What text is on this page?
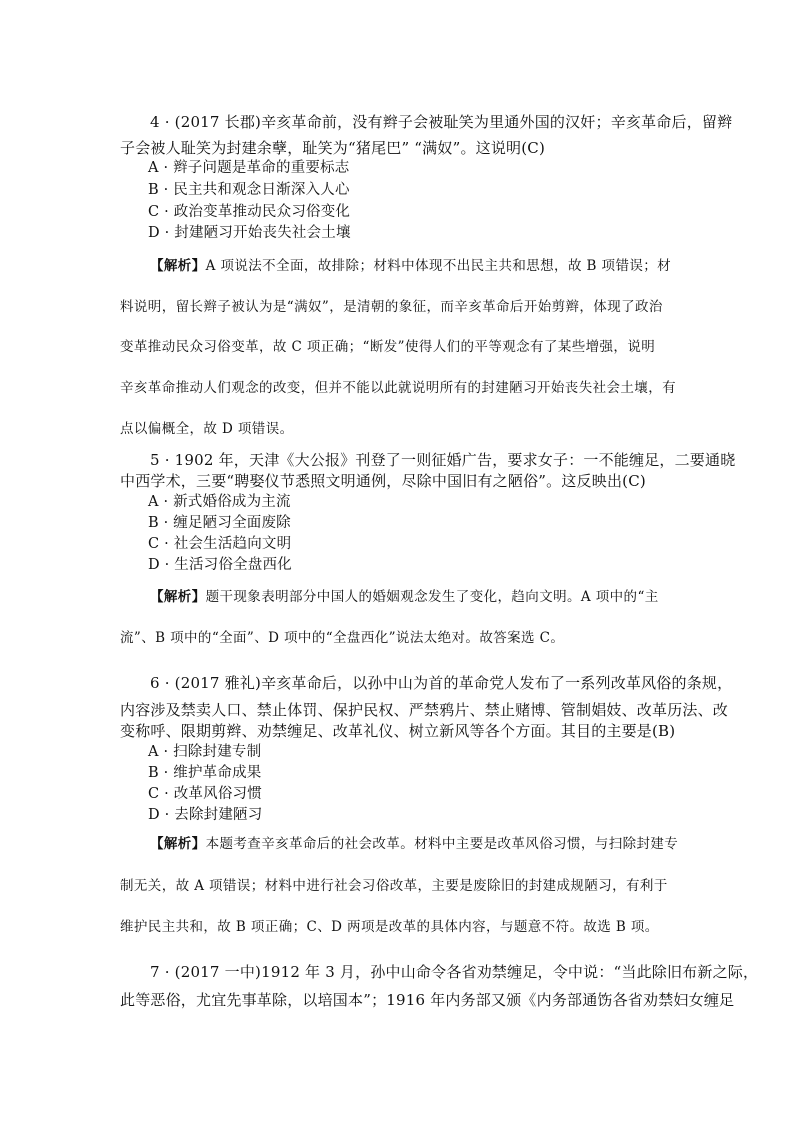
4 · (2017 长郡)辛亥革命前，没有辫子会被耻笑为里通外国的汉奸；辛亥革命后，留辫
子会被人耻笑为封建余孽，耻笑为“猪尾巴” “满奴”。这说明(C)
A · 辫子问题是革命的重要标志
B · 民主共和观念日渐深入人心
C · 政治变革推动民众习俗变化
D · 封建陋习开始丧失社会土壤
【解析】A 项说法不全面，故排除；材料中体现不出民主共和思想，故 B 项错误；材
料说明，留长辫子被认为是“满奴”，是清朝的象征，而辛亥革命后开始剪辫，体现了政治
变革推动民众习俗变革，故 C 项正确；“断发”使得人们的平等观念有了某些增强，说明
辛亥革命推动人们观念的改变，但并不能以此就说明所有的封建陋习开始丧失社会土壤，有
点以偏概全，故 D 项错误。
5 · 1902 年，天津《大公报》刊登了一则征婚广告，要求女子：一不能缠足，二要通晓
中西学术，三要“聘娶仪节悉照文明通例，尽除中国旧有之陋俗”。这反映出(C)
A · 新式婚俗成为主流
B · 缠足陋习全面废除
C · 社会生活趋向文明
D · 生活习俗全盘西化
【解析】题干现象表明部分中国人的婚姻观念发生了变化，趋向文明。A 项中的“主
流”、B 项中的“全面”、D 项中的“全盘西化”说法太绝对。故答案选 C。
6 · (2017 雅礼)辛亥革命后，以孙中山为首的革命党人发布了一系列改革风俗的条规，
内容涉及禁卖人口、禁止体罚、保护民权、严禁鸦片、禁止赌博、管制娼妓、改革历法、改
变称呼、限期剪辫、劝禁缠足、改革礼仪、树立新风等各个方面。其目的主要是(B)
A · 扫除封建专制
B · 维护革命成果
C · 改革风俗习惯
D · 去除封建陋习
【解析】本题考查辛亥革命后的社会改革。材料中主要是改革风俗习惯，与扫除封建专
制无关，故 A 项错误；材料中进行社会习俗改革，主要是废除旧的封建成规陋习，有利于
维护民主共和，故 B 项正确；C、D 两项是改革的具体内容，与题意不符。故选 B 项。
7 · (2017 一中)1912 年 3 月，孙中山命令各省劝禁缠足，令中说：“当此除旧布新之际，
此等恶俗，尤宜先事革除，以培国本”；1916 年内务部又颁《内务部通饬各省劝禁妇女缠足
